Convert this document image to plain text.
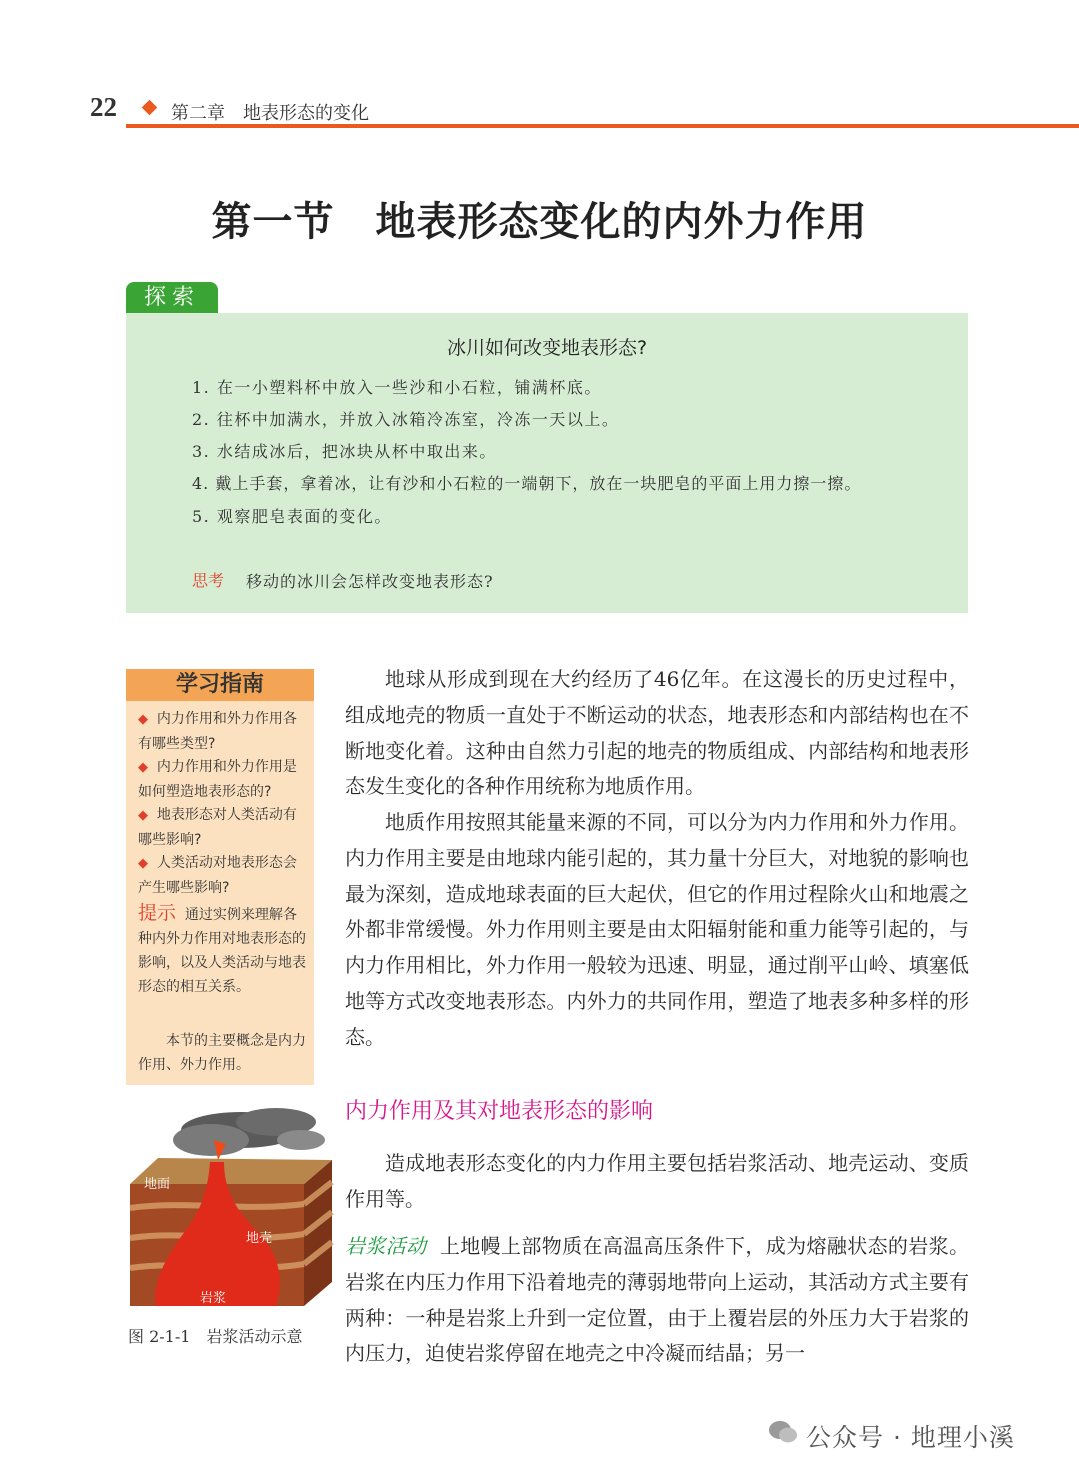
22	第二章　地表形态的变化
第一节　地表形态变化的内外力作用
探索
冰川如何改变地表形态?
1. 在一小塑料杯中放入一些沙和小石粒，铺满杯底。
2. 往杯中加满水，并放入冰箱冷冻室，冷冻一天以上。
3. 水结成冰后，把冰块从杯中取出来。
4. 戴上手套，拿着冰，让有沙和小石粒的一端朝下，放在一块肥皂的平面上用力擦一擦。
5. 观察肥皂表面的变化。
思考 移动的冰川会怎样改变地表形态?
学习指南
◆ 内力作用和外力作用各有哪些类型?
◆ 内力作用和外力作用是如何塑造地表形态的?
◆ 地表形态对人类活动有哪些影响?
◆ 人类活动对地表形态会产生哪些影响?
提示 通过实例来理解各种内外力作用对地表形态的影响，以及人类活动与地表形态的相互关系。
本节的主要概念是内力作用、外力作用。
地球从形成到现在大约经历了46亿年。在这漫长的历史过程中，组成地壳的物质一直处于不断运动的状态，地表形态和内部结构也在不断地变化着。这种由自然力引起的地壳的物质组成、内部结构和地表形态发生变化的各种作用统称为地质作用。
地质作用按照其能量来源的不同，可以分为内力作用和外力作用。内力作用主要是由地球内能引起的，其力量十分巨大，对地貌的影响也最为深刻，造成地球表面的巨大起伏，但它的作用过程除火山和地震之外都非常缓慢。外力作用则主要是由太阳辐射能和重力能等引起的，与内力作用相比，外力作用一般较为迅速、明显，通过削平山岭、填塞低地等方式改变地表形态。内外力的共同作用，塑造了地表多种多样的形态。
内力作用及其对地表形态的影响
造成地表形态变化的内力作用主要包括岩浆活动、地壳运动、变质作用等。
岩浆活动 上地幔上部物质在高温高压条件下，成为熔融状态的岩浆。岩浆在内压力作用下沿着地壳的薄弱地带向上运动，其活动方式主要有两种：一种是岩浆上升到一定位置，由于上覆岩层的外压力大于岩浆的内压力，迫使岩浆停留在地壳之中冷凝而结晶；另一
地面
地壳
岩浆
图 2-1-1　岩浆活动示意
公众号 · 地理小溪
